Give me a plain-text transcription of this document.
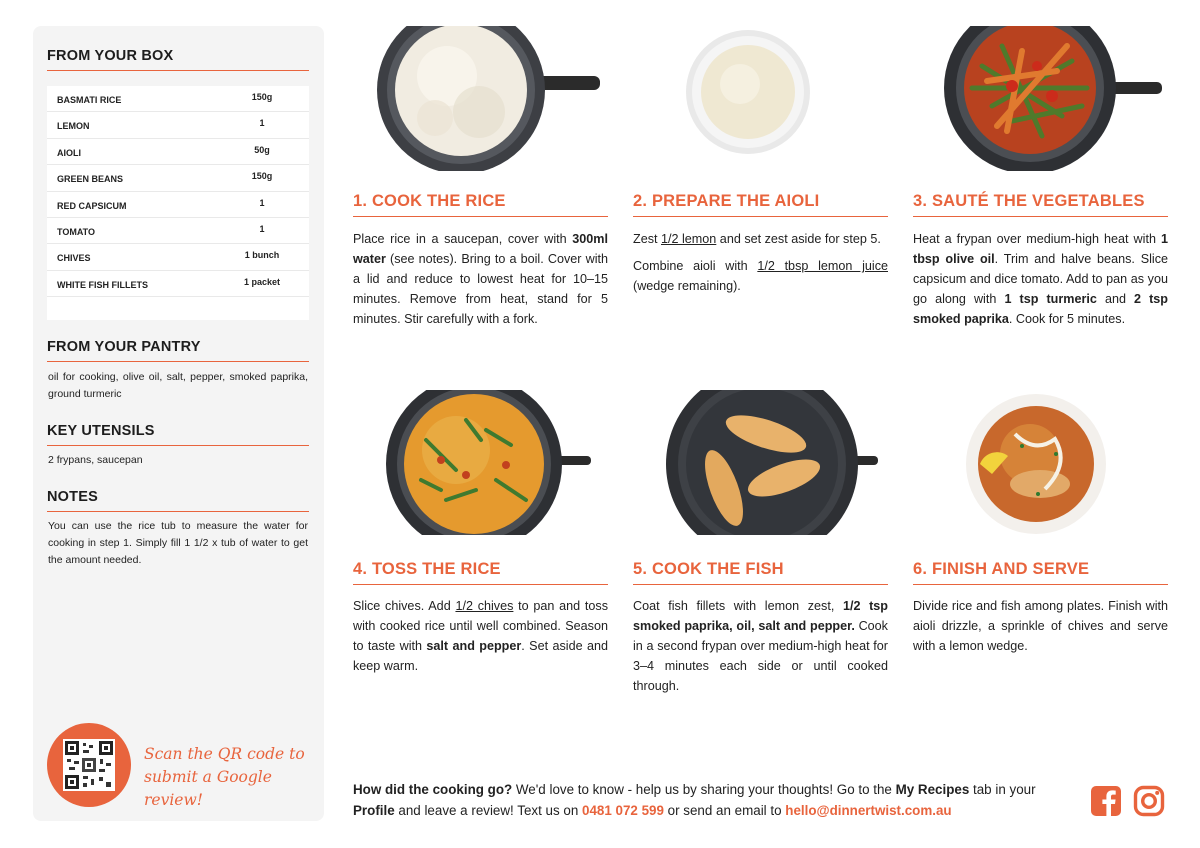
FROM YOUR BOX
BASMATI RICE	150g
LEMON	1
AIOLI	50g
GREEN BEANS	150g
RED CAPSICUM	1
TOMATO	1
CHIVES	1 bunch
WHITE FISH FILLETS	1 packet
FROM YOUR PANTRY
oil for cooking, olive oil, salt, pepper, smoked paprika, ground turmeric
KEY UTENSILS
2 frypans, saucepan
NOTES
You can use the rice tub to measure the water for cooking in step 1. Simply fill 1 1/2 x tub of water to get the amount needed.
Scan the QR code to
submit a Google review!
1. COOK THE RICE

Place rice in a saucepan, cover with 300ml water (see notes). Bring to a boil. Cover with a lid and reduce to lowest heat for 10–15 minutes. Remove from heat, stand for 5 minutes. Stir carefully with a fork.

2. PREPARE THE AIOLI

Zest 1/2 lemon and set zest aside for step 5.

Combine aioli with 1/2 tbsp lemon juice (wedge remaining).

3. SAUTÉ THE VEGETABLES

Heat a frypan over medium-high heat with 1 tbsp olive oil. Trim and halve beans. Slice capsicum and dice tomato. Add to pan as you go along with 1 tsp turmeric and 2 tsp smoked paprika. Cook for 5 minutes.

4. TOSS THE RICE

Slice chives. Add 1/2 chives to pan and toss with cooked rice until well combined. Season to taste with salt and pepper. Set aside and keep warm.

5. COOK THE FISH

Coat fish fillets with lemon zest, 1/2 tsp smoked paprika, oil, salt and pepper. Cook in a second frypan over medium-high heat for 3–4 minutes each side or until cooked through.

6. FINISH AND SERVE

Divide rice and fish among plates. Finish with aioli drizzle, a sprinkle of chives and serve with a lemon wedge.

How did the cooking go? We'd love to know - help us by sharing your thoughts! Go to the My Recipes tab in your Profile and leave a review! Text us on 0481 072 599 or send an email to hello@dinnertwist.com.au
